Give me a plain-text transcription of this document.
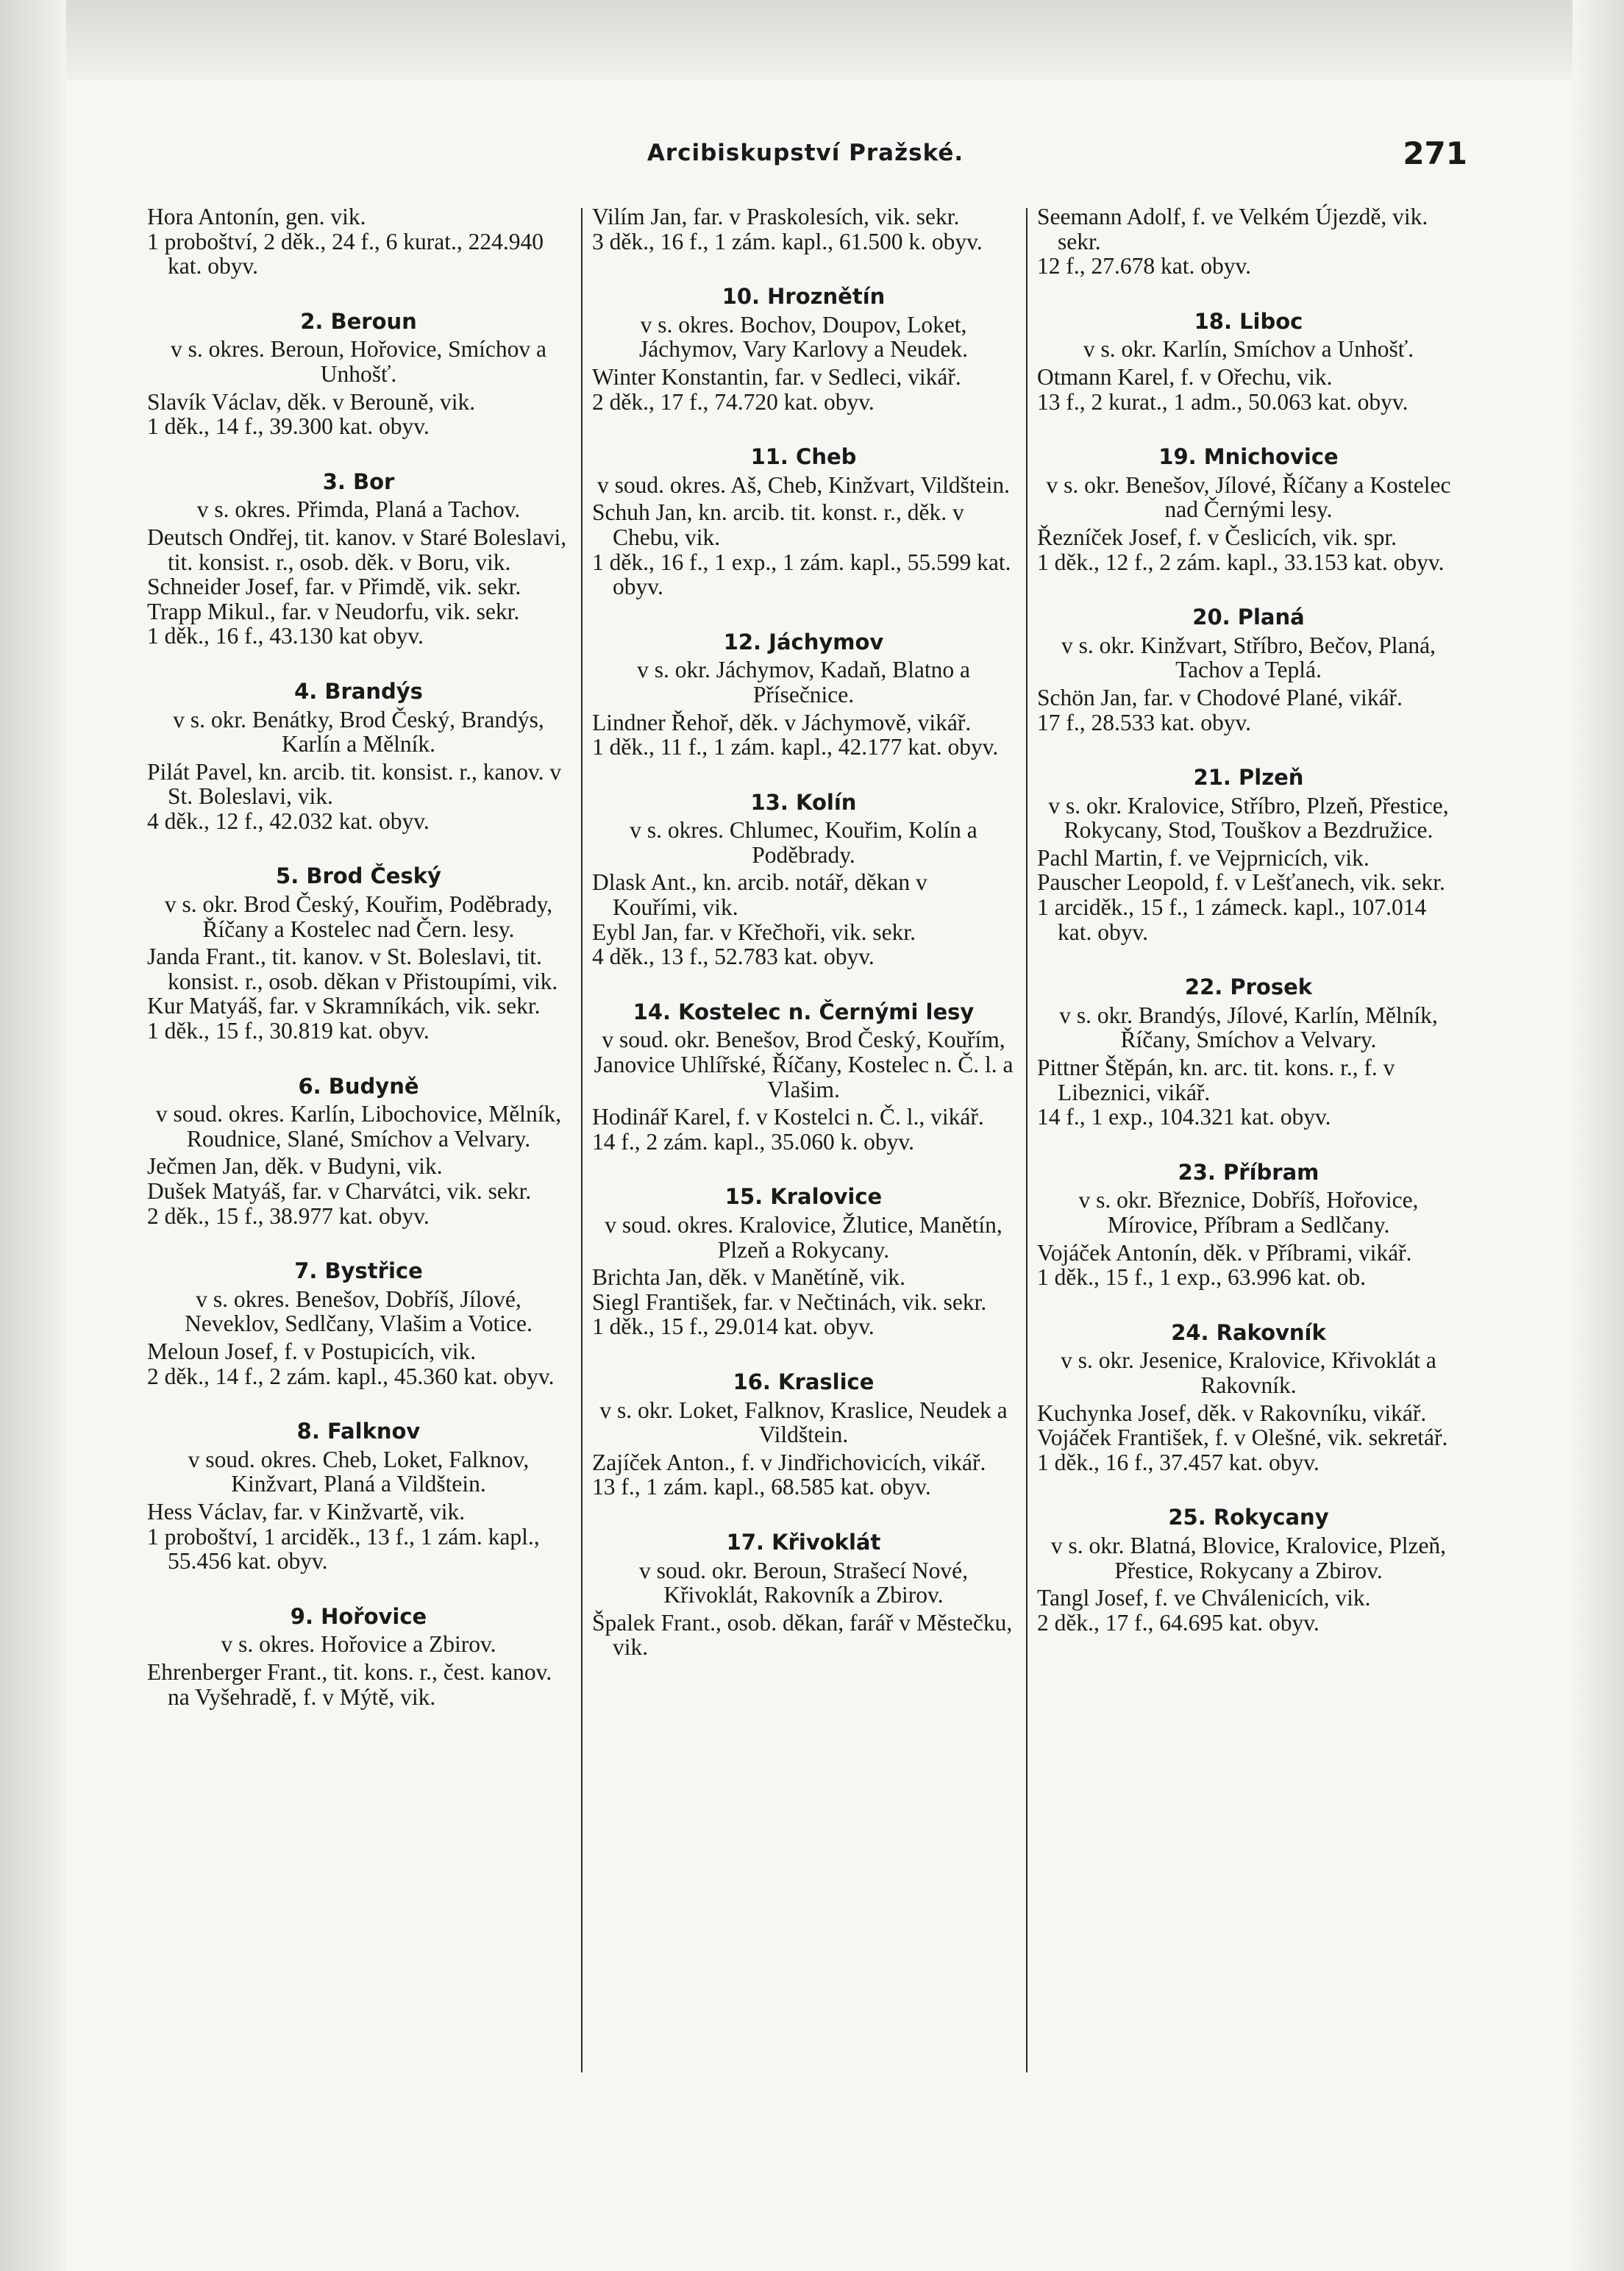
Arcibiskupství Pražské.	271
Hora Antonín, gen. vik.
1 proboštví, 2 děk., 24 f., 6 kurat., 224.940 kat. obyv.
2. Beroun
v s. okres. Beroun, Hořovice, Smíchov a Unhošť.
Slavík Václav, děk. v Berouně, vik.
1 děk., 14 f., 39.300 kat. obyv.
3. Bor
v s. okres. Přimda, Planá a Tachov.
Deutsch Ondřej, tit. kanov. v Staré Boleslavi, tit. konsist. r., osob. děk. v Boru, vik.
Schneider Josef, far. v Přimdě, vik. sekr.
Trapp Mikul., far. v Neudorfu, vik. sekr.
1 děk., 16 f., 43.130 kat obyv.
4. Brandýs
v s. okr. Benátky, Brod Český, Brandýs, Karlín a Mělník.
Pilát Pavel, kn. arcib. tit. konsist. r., kanov. v St. Boleslavi, vik.
4 děk., 12 f., 42.032 kat. obyv.
5. Brod Český
v s. okr. Brod Český, Kouřim, Poděbrady, Říčany a Kostelec nad Čern. lesy.
Janda Frant., tit. kanov. v St. Boleslavi, tit. konsist. r., osob. děkan v Přistoupími, vik.
Kur Matyáš, far. v Skramníkách, vik. sekr.
1 děk., 15 f., 30.819 kat. obyv.
6. Budyně
v soud. okres. Karlín, Libochovice, Mělník, Roudnice, Slané, Smíchov a Velvary.
Ječmen Jan, děk. v Budyni, vik.
Dušek Matyáš, far. v Charvátci, vik. sekr.
2 děk., 15 f., 38.977 kat. obyv.
7. Bystřice
v s. okres. Benešov, Dobříš, Jílové, Neveklov, Sedlčany, Vlašim a Votice.
Meloun Josef, f. v Postupicích, vik.
2 děk., 14 f., 2 zám. kapl., 45.360 kat. obyv.
8. Falknov
v soud. okres. Cheb, Loket, Falknov, Kinžvart, Planá a Vildštein.
Hess Václav, far. v Kinžvartě, vik.
1 proboštví, 1 arciděk., 13 f., 1 zám. kapl., 55.456 kat. obyv.
9. Hořovice
v s. okres. Hořovice a Zbirov.
Ehrenberger Frant., tit. kons. r., čest. kanov. na Vyšehradě, f. v Mýtě, vik.
Vilím Jan, far. v Praskolesích, vik. sekr.
3 děk., 16 f., 1 zám. kapl., 61.500 k. obyv.
10. Hroznětín
v s. okres. Bochov, Doupov, Loket, Jáchymov, Vary Karlovy a Neudek.
Winter Konstantin, far. v Sedleci, vikář.
2 děk., 17 f., 74.720 kat. obyv.
11. Cheb
v soud. okres. Aš, Cheb, Kinžvart, Vildštein.
Schuh Jan, kn. arcib. tit. konst. r., děk. v Chebu, vik.
1 děk., 16 f., 1 exp., 1 zám. kapl., 55.599 kat. obyv.
12. Jáchymov
v s. okr. Jáchymov, Kadaň, Blatno a Přísečnice.
Lindner Řehoř, děk. v Jáchymově, vikář.
1 děk., 11 f., 1 zám. kapl., 42.177 kat. obyv.
13. Kolín
v s. okres. Chlumec, Kouřim, Kolín a Poděbrady.
Dlask Ant., kn. arcib. notář, děkan v Kouřími, vik.
Eybl Jan, far. v Křečhoři, vik. sekr.
4 děk., 13 f., 52.783 kat. obyv.
14. Kostelec n. Černými lesy
v soud. okr. Benešov, Brod Český, Kouřím, Janovice Uhlířské, Říčany, Kostelec n. Č. l. a Vlašim.
Hodinář Karel, f. v Kostelci n. Č. l., vikář.
14 f., 2 zám. kapl., 35.060 k. obyv.
15. Kralovice
v soud. okres. Kralovice, Žlutice, Manětín, Plzeň a Rokycany.
Brichta Jan, děk. v Manětíně, vik.
Siegl František, far. v Nečtinách, vik. sekr.
1 děk., 15 f., 29.014 kat. obyv.
16. Kraslice
v s. okr. Loket, Falknov, Kraslice, Neudek a Vildštein.
Zajíček Anton., f. v Jindřichovicích, vikář.
13 f., 1 zám. kapl., 68.585 kat. obyv.
17. Křivoklát
v soud. okr. Beroun, Strašecí Nové, Křivoklát, Rakovník a Zbirov.
Špalek Frant., osob. děkan, farář v Městečku, vik.
Seemann Adolf, f. ve Velkém Újezdě, vik. sekr.
12 f., 27.678 kat. obyv.
18. Liboc
v s. okr. Karlín, Smíchov a Unhošť.
Otmann Karel, f. v Ořechu, vik.
13 f., 2 kurat., 1 adm., 50.063 kat. obyv.
19. Mnichovice
v s. okr. Benešov, Jílové, Říčany a Kostelec nad Černými lesy.
Řezníček Josef, f. v Česlicích, vik. spr.
1 děk., 12 f., 2 zám. kapl., 33.153 kat. obyv.
20. Planá
v s. okr. Kinžvart, Stříbro, Bečov, Planá, Tachov a Teplá.
Schön Jan, far. v Chodové Plané, vikář.
17 f., 28.533 kat. obyv.
21. Plzeň
v s. okr. Kralovice, Stříbro, Plzeň, Přestice, Rokycany, Stod, Touškov a Bezdružice.
Pachl Martin, f. ve Vejprnicích, vik.
Pauscher Leopold, f. v Lešťanech, vik. sekr.
1 arciděk., 15 f., 1 zámeck. kapl., 107.014 kat. obyv.
22. Prosek
v s. okr. Brandýs, Jílové, Karlín, Mělník, Říčany, Smíchov a Velvary.
Pittner Štěpán, kn. arc. tit. kons. r., f. v Libeznici, vikář.
14 f., 1 exp., 104.321 kat. obyv.
23. Příbram
v s. okr. Březnice, Dobříš, Hořovice, Mírovice, Příbram a Sedlčany.
Vojáček Antonín, děk. v Příbrami, vikář.
1 děk., 15 f., 1 exp., 63.996 kat. ob.
24. Rakovník
v s. okr. Jesenice, Kralovice, Křivoklát a Rakovník.
Kuchynka Josef, děk. v Rakovníku, vikář.
Vojáček František, f. v Olešné, vik. sekretář.
1 děk., 16 f., 37.457 kat. obyv.
25. Rokycany
v s. okr. Blatná, Blovice, Kralovice, Plzeň, Přestice, Rokycany a Zbirov.
Tangl Josef, f. ve Chválenicích, vik.
2 děk., 17 f., 64.695 kat. obyv.
